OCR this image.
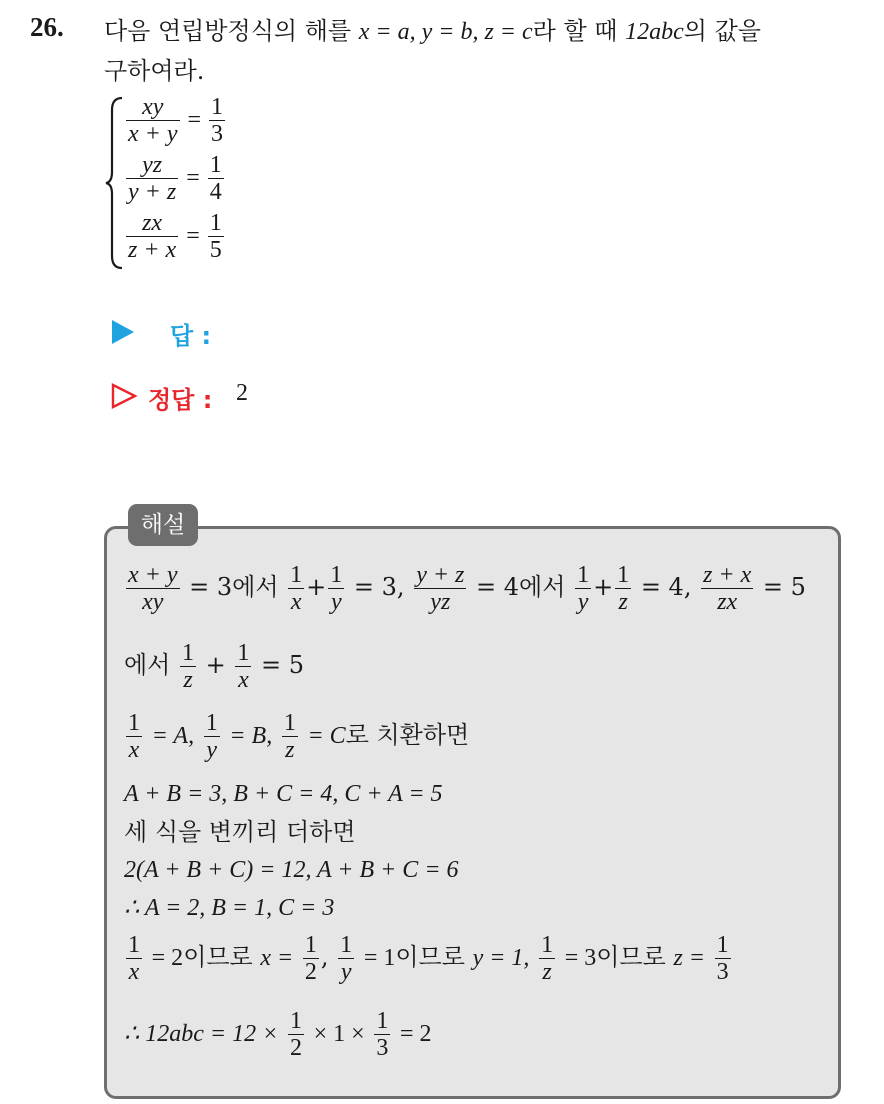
26. 다음 연립방정식의 해를 x = a, y = b, z = c라 할 때 12abc의 값을
구하여라.
$\frac{xy}{x + y} = \frac{1}{3}$
$\frac{yz}{y + z} = \frac{1}{4}$
$\frac{zx}{z + x} = \frac{1}{5}$
답 :
정답 : 2
해설
$\frac{x + y}{xy} = 3$에서 $\frac{1}{x} + \frac{1}{y} = 3$, $\frac{y + z}{yz} = 4$에서 $\frac{1}{y} + \frac{1}{z} = 4$, $\frac{z + x}{zx} = 5$
에서 $\frac{1}{z} + \frac{1}{x} = 5$
$\frac{1}{x} = A$, $\frac{1}{y} = B$, $\frac{1}{z} = C$로 치환하면
A + B = 3, B + C = 4, C + A = 5
세 식을 변끼리 더하면
2(A + B + C) = 12, A + B + C = 6
∴ A = 2, B = 1, C = 3
$\frac{1}{x} = 2$이므로 $x = \frac{1}{2}$ , $\frac{1}{y} = 1$이므로 y = 1, $\frac{1}{z} = 3$이므로 $z = \frac{1}{3}$
∴ $12abc = 12 \times \frac{1}{2} \times 1 \times \frac{1}{3} = 2$
